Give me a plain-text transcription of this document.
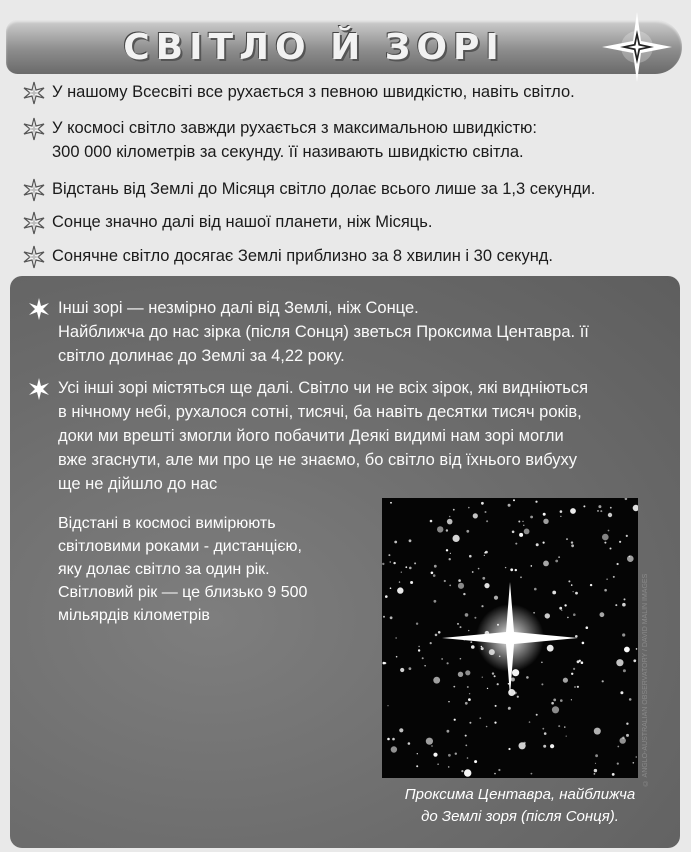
СВІТЛО Й ЗОРІ
У нашому Всесвіті все рухається з певною швидкістю, навіть світло.
У космосі світло завжди рухається з максимальною швидкістю:
300 000 кілометрів за секунду. її називають швидкістю світла.
Відстань від Землі до Місяця світло долає всього лише за 1,3 секунди.
Сонце значно далі від нашої планети, ніж Місяць.
Сонячне світло досягає Землі приблизно за 8 хвилин і 30 секунд.
Інші зорі — незмірно далі від Землі, ніж Сонце.
Найближча до нас зірка (після Сонця) зветься Проксима Центавра. її
світло долинає до Землі за 4,22 року.
Усі інші зорі містяться ще далі. Світло чи не всіх зірок, які видніються
в нічному небі, рухалося сотні, тисячі, ба навіть десятки тисяч років,
доки ми врешті змогли його побачити Деякі видимі нам зорі могли
вже згаснути, але ми про це не знаємо, бо світло від їхнього вибуху
ще не дійшло до нас
Відстані в космосі вимірюють
світловими роками - дистанцією,
яку долає світло за один рік.
Світловий рік — це близько 9 500
мільярдів кілометрів	© ANGLO-AUSTRALIAN OBSERVATORY / DAVID MALIN IMAGES
Проксима Центавра, найближча
до Землі зоря (після Сонця).
